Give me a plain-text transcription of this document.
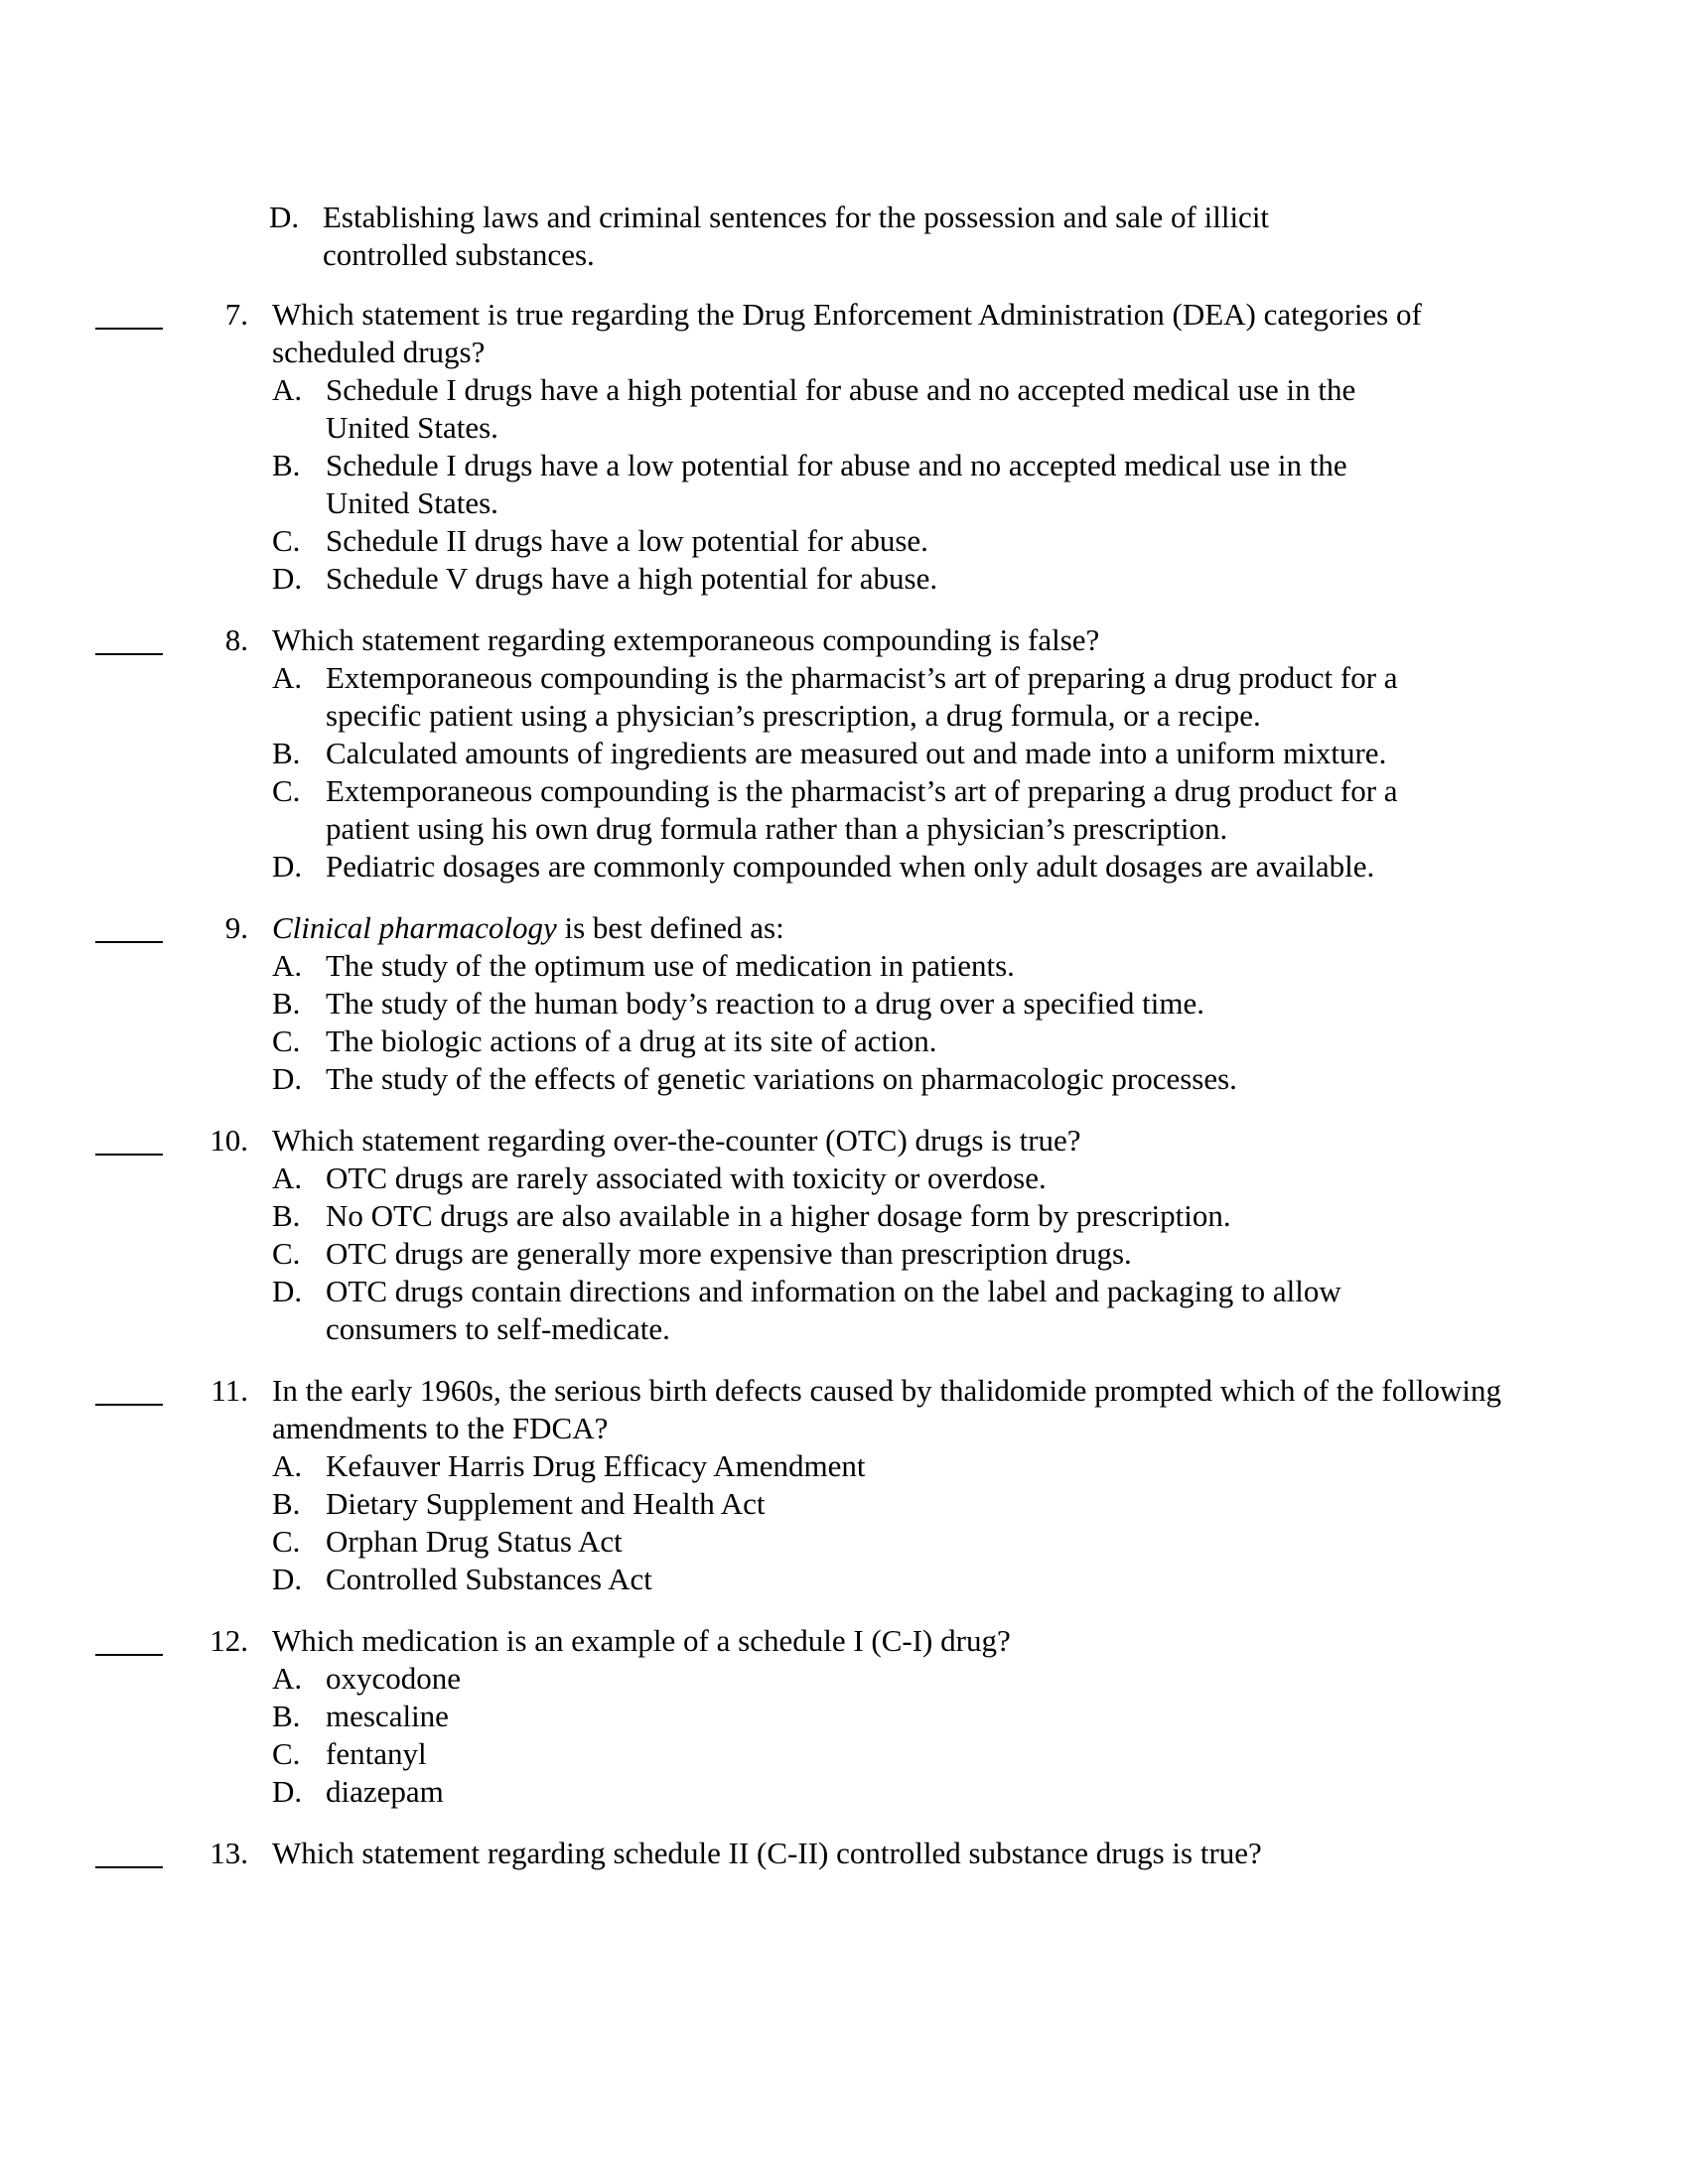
D. Establishing laws and criminal sentences for the possession and sale of illicit controlled substances.
7. Which statement is true regarding the Drug Enforcement Administration (DEA) categories of scheduled drugs?
A. Schedule I drugs have a high potential for abuse and no accepted medical use in the United States.
B. Schedule I drugs have a low potential for abuse and no accepted medical use in the United States.
C. Schedule II drugs have a low potential for abuse.
D. Schedule V drugs have a high potential for abuse.
8. Which statement regarding extemporaneous compounding is false?
A. Extemporaneous compounding is the pharmacist’s art of preparing a drug product for a specific patient using a physician’s prescription, a drug formula, or a recipe.
B. Calculated amounts of ingredients are measured out and made into a uniform mixture.
C. Extemporaneous compounding is the pharmacist’s art of preparing a drug product for a patient using his own drug formula rather than a physician’s prescription.
D. Pediatric dosages are commonly compounded when only adult dosages are available.
9. Clinical pharmacology is best defined as:
A. The study of the optimum use of medication in patients.
B. The study of the human body’s reaction to a drug over a specified time.
C. The biologic actions of a drug at its site of action.
D. The study of the effects of genetic variations on pharmacologic processes.
10. Which statement regarding over-the-counter (OTC) drugs is true?
A. OTC drugs are rarely associated with toxicity or overdose.
B. No OTC drugs are also available in a higher dosage form by prescription.
C. OTC drugs are generally more expensive than prescription drugs.
D. OTC drugs contain directions and information on the label and packaging to allow consumers to self-medicate.
11. In the early 1960s, the serious birth defects caused by thalidomide prompted which of the following amendments to the FDCA?
A. Kefauver Harris Drug Efficacy Amendment
B. Dietary Supplement and Health Act
C. Orphan Drug Status Act
D. Controlled Substances Act
12. Which medication is an example of a schedule I (C-I) drug?
A. oxycodone
B. mescaline
C. fentanyl
D. diazepam
13. Which statement regarding schedule II (C-II) controlled substance drugs is true?
